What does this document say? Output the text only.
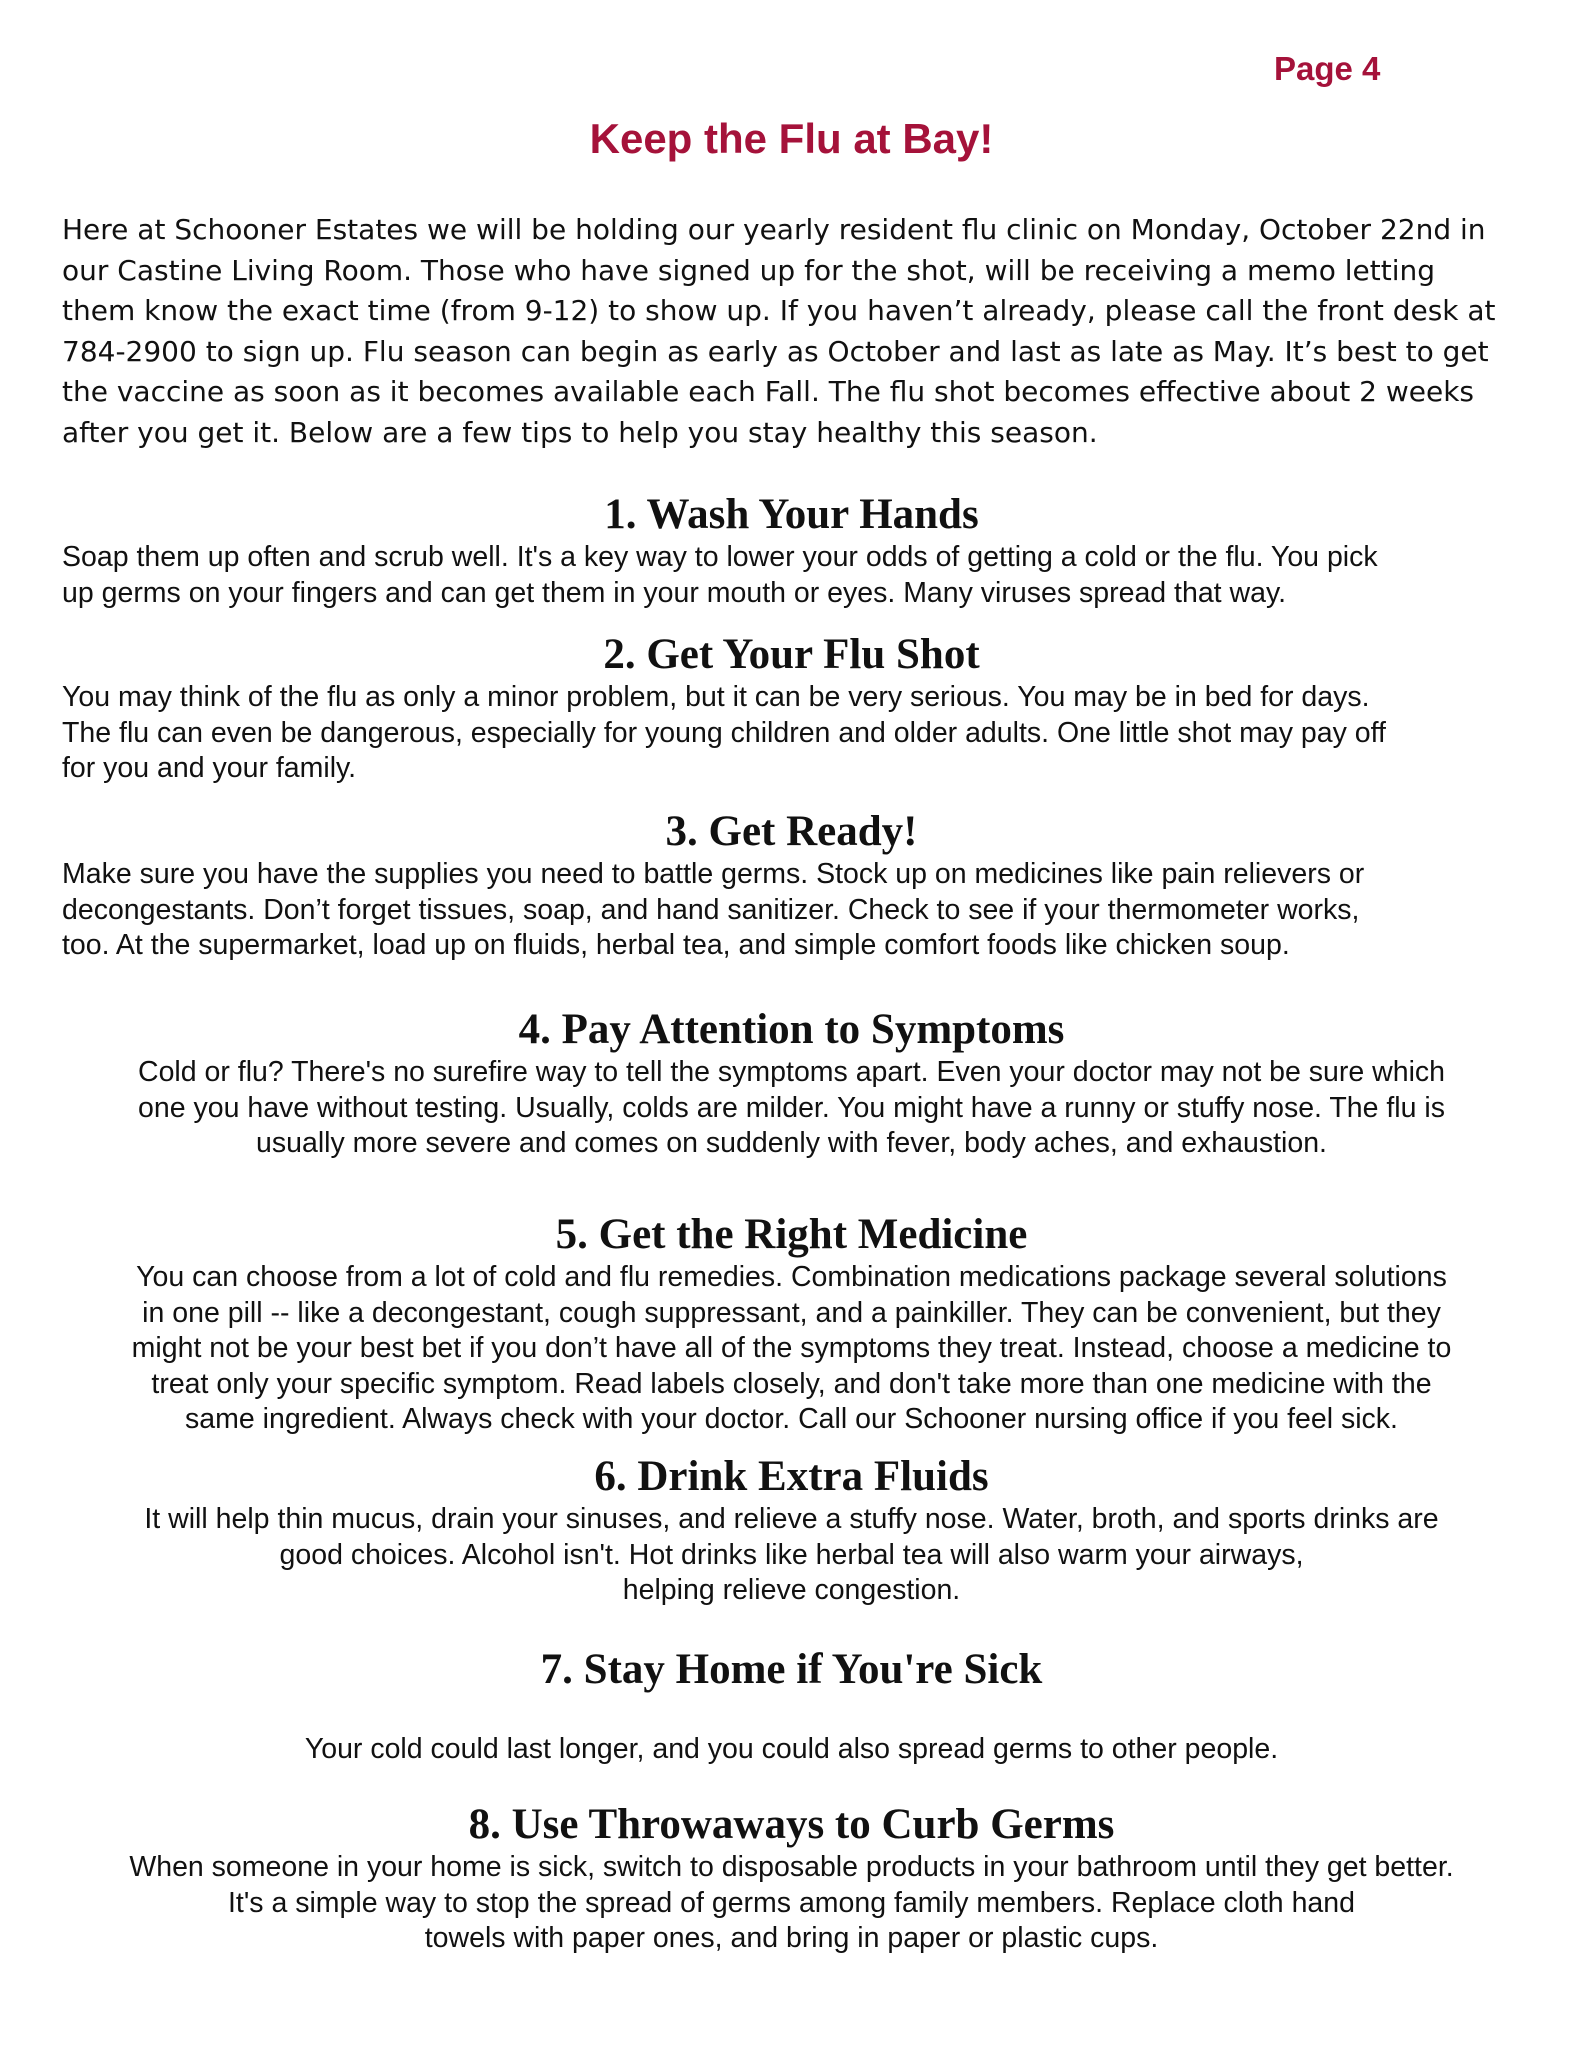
Page 4
Keep the Flu at Bay!

Here at Schooner Estates we will be holding our yearly resident flu clinic on Monday, October 22nd in
our Castine Living Room. Those who have signed up for the shot, will be receiving a memo letting
them know the exact time (from 9-12) to show up. If you haven’t already, please call the front desk at
784-2900 to sign up. Flu season can begin as early as October and last as late as May. It’s best to get
the vaccine as soon as it becomes available each Fall. The flu shot becomes effective about 2 weeks
after you get it. Below are a few tips to help you stay healthy this season.

1. Wash Your Hands

Soap them up often and scrub well. It's a key way to lower your odds of getting a cold or the flu. You pick
up germs on your fingers and can get them in your mouth or eyes. Many viruses spread that way.

2. Get Your Flu Shot

You may think of the flu as only a minor problem, but it can be very serious. You may be in bed for days.
The flu can even be dangerous, especially for young children and older adults. One little shot may pay off
for you and your family.

3. Get Ready!

Make sure you have the supplies you need to battle germs. Stock up on medicines like pain relievers or
decongestants. Don’t forget tissues, soap, and hand sanitizer. Check to see if your thermometer works,
too. At the supermarket, load up on fluids, herbal tea, and simple comfort foods like chicken soup.

4. Pay Attention to Symptoms

Cold or flu? There's no surefire way to tell the symptoms apart. Even your doctor may not be sure which
one you have without testing. Usually, colds are milder. You might have a runny or stuffy nose. The flu is
usually more severe and comes on suddenly with fever, body aches, and exhaustion.

5. Get the Right Medicine

You can choose from a lot of cold and flu remedies. Combination medications package several solutions
in one pill -- like a decongestant, cough suppressant, and a painkiller. They can be convenient, but they
might not be your best bet if you don’t have all of the symptoms they treat. Instead, choose a medicine to
treat only your specific symptom. Read labels closely, and don't take more than one medicine with the
same ingredient. Always check with your doctor. Call our Schooner nursing office if you feel sick.

6. Drink Extra Fluids

It will help thin mucus, drain your sinuses, and relieve a stuffy nose. Water, broth, and sports drinks are
good choices. Alcohol isn't. Hot drinks like herbal tea will also warm your airways,
helping relieve congestion.

7. Stay Home if You're Sick

Your cold could last longer, and you could also spread germs to other people.

8. Use Throwaways to Curb Germs

When someone in your home is sick, switch to disposable products in your bathroom until they get better.
It's a simple way to stop the spread of germs among family members. Replace cloth hand
towels with paper ones, and bring in paper or plastic cups.
